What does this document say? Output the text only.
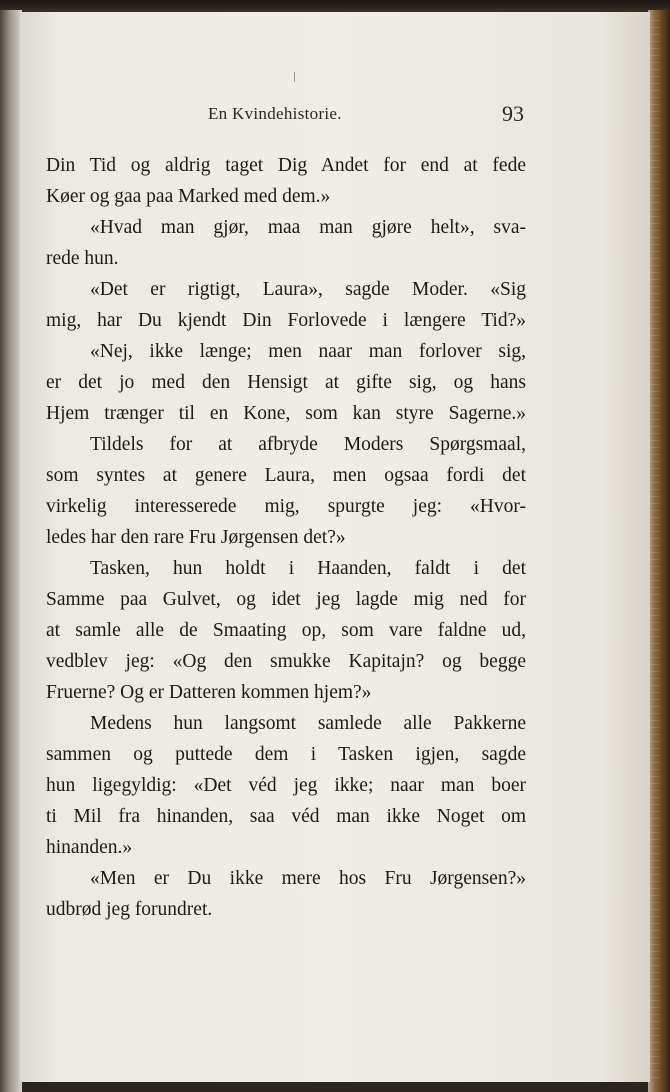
En Kvindehistorie.	93
Din Tid og aldrig taget Dig Andet for end at fede
Køer og gaa paa Marked med dem.»
«Hvad man gjør, maa man gjøre helt», sva-
rede hun.
«Det er rigtigt, Laura», sagde Moder. «Sig
mig, har Du kjendt Din Forlovede i længere Tid?»
«Nej, ikke længe; men naar man forlover sig,
er det jo med den Hensigt at gifte sig, og hans
Hjem trænger til en Kone, som kan styre Sagerne.»
Tildels for at afbryde Moders Spørgsmaal,
som syntes at genere Laura, men ogsaa fordi det
virkelig interesserede mig, spurgte jeg: «Hvor-
ledes har den rare Fru Jørgensen det?»
Tasken, hun holdt i Haanden, faldt i det
Samme paa Gulvet, og idet jeg lagde mig ned for
at samle alle de Smaating op, som vare faldne ud,
vedblev jeg: «Og den smukke Kapitajn? og begge
Fruerne? Og er Datteren kommen hjem?»
Medens hun langsomt samlede alle Pakkerne
sammen og puttede dem i Tasken igjen, sagde
hun ligegyldig: «Det véd jeg ikke; naar man boer
ti Mil fra hinanden, saa véd man ikke Noget om
hinanden.»
«Men er Du ikke mere hos Fru Jørgensen?»
udbrød jeg forundret.
